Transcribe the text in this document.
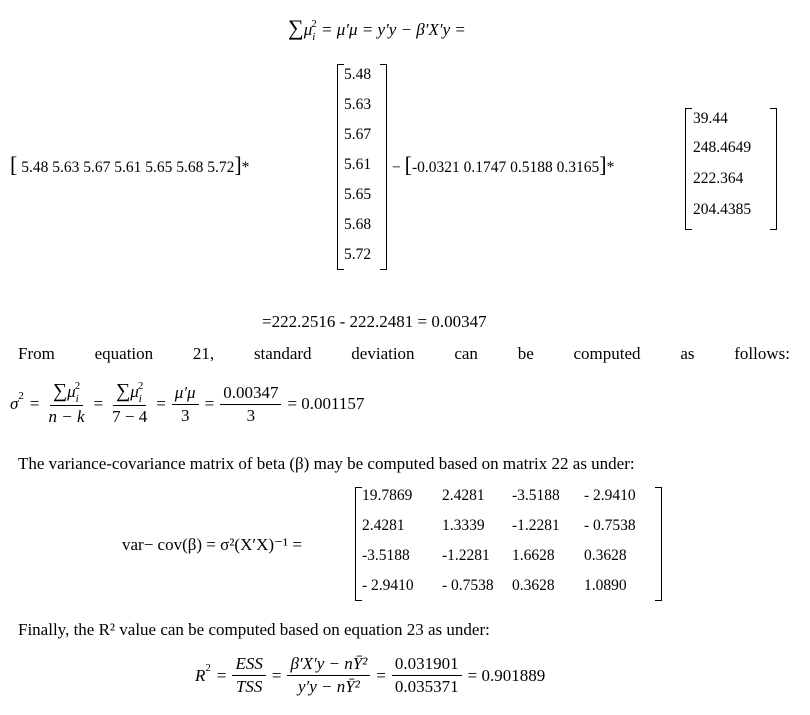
$\sum\mu_i^2 = \mu'\mu = y'y - \beta'X'y$ =
[ 5.48 5.63 5.67 5.61 5.65 5.68 5.72]*
5.48
5.63
5.67
5.61
5.65
5.68
5.72
− [-0.0321 0.1747 0.5188 0.3165]*
39.44
248.4649
222.364
204.4385
=222.2516 - 222.2481 = 0.00347
From equation 21, standard deviation can be computed as follows:
σ $2 = \frac{\sum\mu_i^2}{n - k} = \frac{\sum\mu_i^2}{7 - 4} = \frac{\mu'\mu}{3} = \frac{0.00347}{3} = 0.001157$
The variance-covariance matrix of beta (β) may be computed based on matrix 22 as under:
var− cov(β) = σ²(X′X)⁻¹ =
19.7869 2.4281 -3.5188 - 2.9410
2.4281 1.3339 -1.2281 - 0.7538
-3.5188 -1.2281 1.6628 0.3628
- 2.9410 - 0.7538 0.3628 1.0890
Finally, the R² value can be computed based on equation 23 as under:
R $2 = \frac{\text{ESS}}{\text{TSS}} = \frac{\text{β′X′y − nȲ²}}{\text{y′y − nȲ²}} = \frac{0.031901}{0.035371} = 0.901889$
